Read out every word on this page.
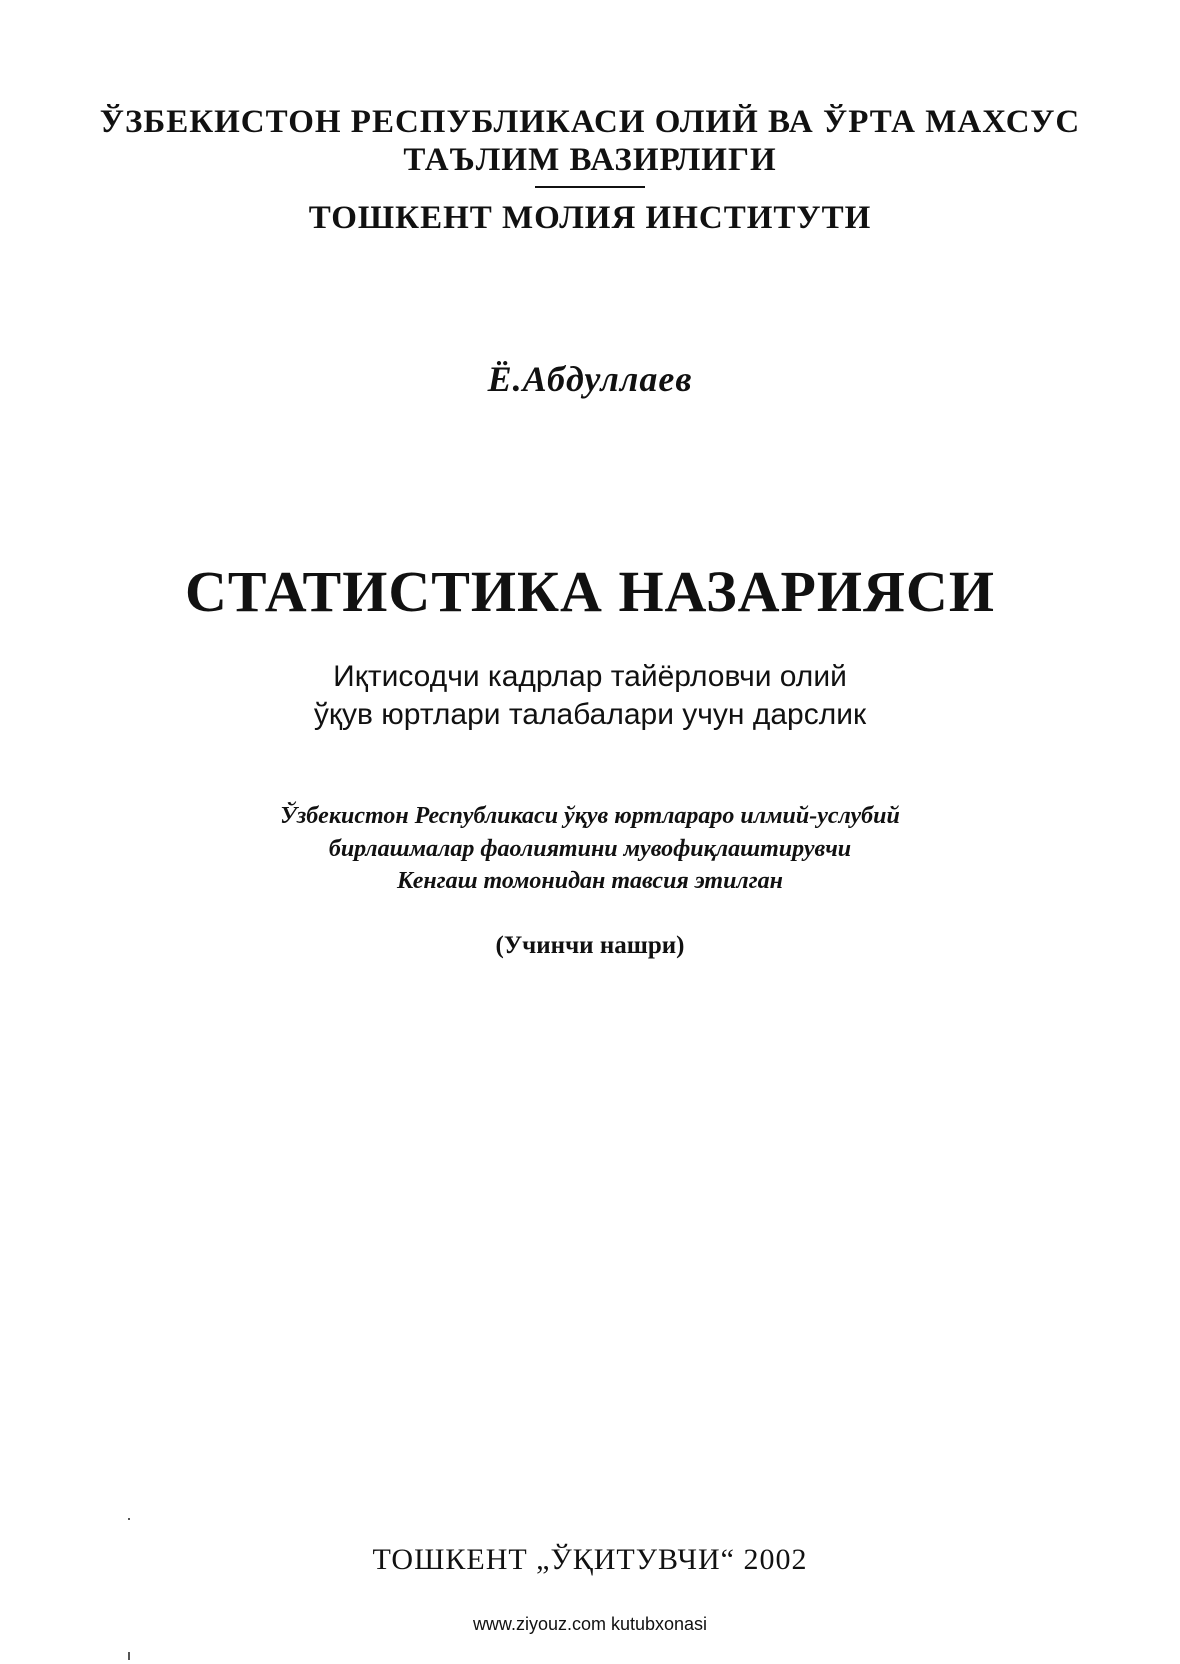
ЎЗБЕКИСТОН РЕСПУБЛИКАСИ ОЛИЙ ВА ЎРТА МАХСУС
ТАЪЛИМ ВАЗИРЛИГИ
ТОШКЕНТ МОЛИЯ ИНСТИТУТИ
Ё.Абдуллаев
СТАТИСТИКА НАЗАРИЯСИ
Иқтисодчи кадрлар тайёрловчи олий
ўқув юртлари талабалари учун дарслик
Ўзбекистон Республикаси ўқув юртлараро илмий-услубий
бирлашмалар фаолиятини мувофиқлаштирувчи
Кенгаш томонидан тавсия этилган
(Учинчи нашри)
ТОШКЕНТ „ЎҚИТУВЧИ“ 2002
www.ziyouz.com kutubxonasi
